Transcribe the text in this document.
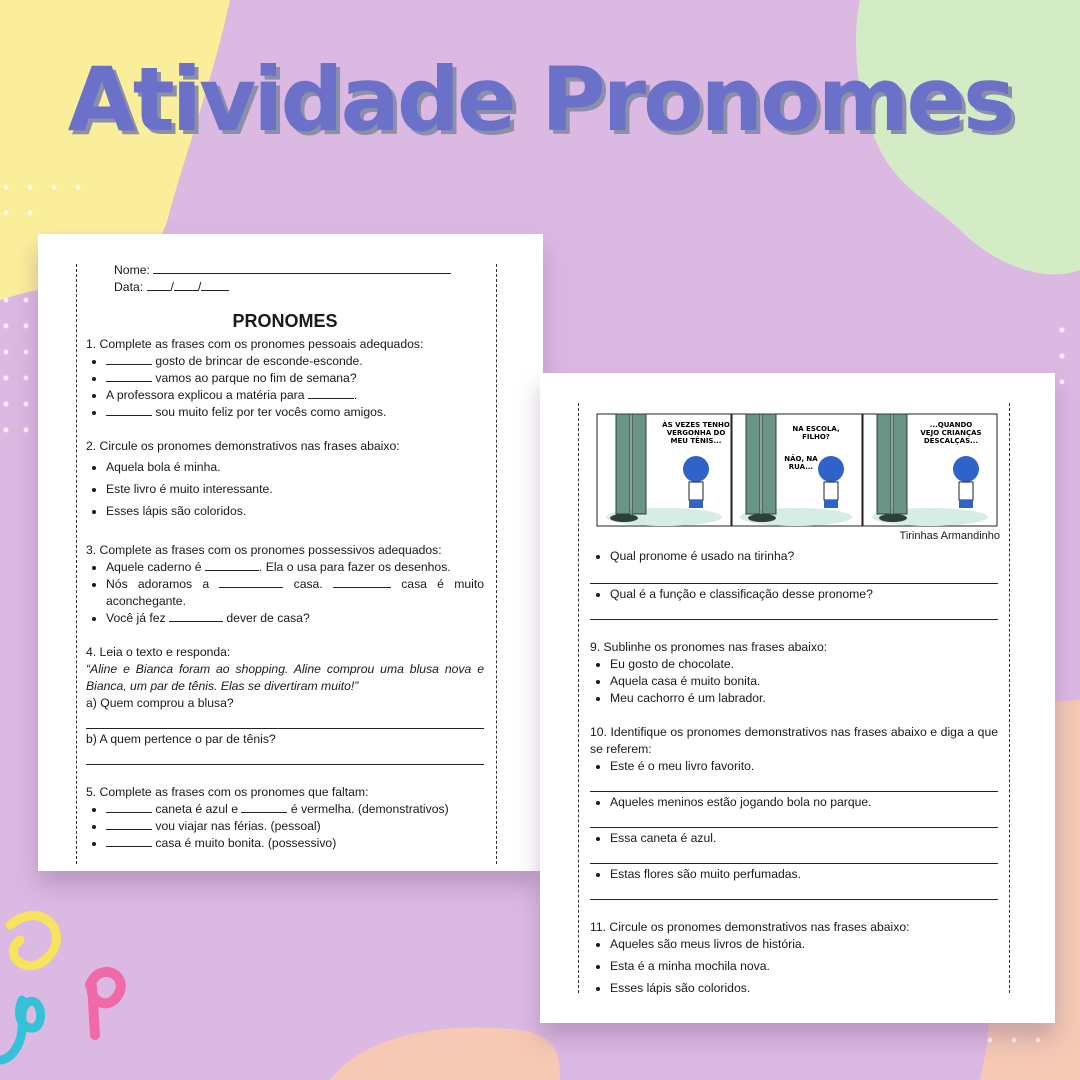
Atividade Pronomes
Nome:
Data: / /
PRONOMES
1. Complete as frases com os pronomes pessoais adequados:
• gosto de brincar de esconde-esconde.
• vamos ao parque no fim de semana?
• A professora explicou a matéria para	.
• sou muito feliz por ter vocês como amigos.
2. Circule os pronomes demonstrativos nas frases abaixo:
• Aquela bola é minha.
• Este livro é muito interessante.
• Esses lápis são coloridos.
3. Complete as frases com os pronomes possessivos adequados:
• Aquele caderno é	. Ela o usa para fazer os desenhos.
• Nós adoramos a	casa.	casa é muito aconchegante.
• Você já fez	dever de casa?
4. Leia o texto e responda:
“Aline e Bianca foram ao shopping. Aline comprou uma blusa nova e Bianca, um par de tênis. Elas se divertiram muito!”
a) Quem comprou a blusa?
b) A quem pertence o par de tênis?
5. Complete as frases com os pronomes que faltam:
• caneta é azul e	é vermelha. (demonstrativos)
• vou viajar nas férias. (pessoal)
• casa é muito bonita. (possessivo)
ÀS VEZES TENHO VERGONHA DO MEU TÊNIS...
NA ESCOLA, FILHO?
NÃO, NA RUA...
...QUANDO VEJO CRIANÇAS DESCALÇAS...
Tirinhas Armandinho
• Qual pronome é usado na tirinha?
• Qual é a função e classificação desse pronome?
9. Sublinhe os pronomes nas frases abaixo:
• Eu gosto de chocolate.
• Aquela casa é muito bonita.
• Meu cachorro é um labrador.
10. Identifique os pronomes demonstrativos nas frases abaixo e diga a que se referem:
• Este é o meu livro favorito.
• Aqueles meninos estão jogando bola no parque.
• Essa caneta é azul.
• Estas flores são muito perfumadas.
11. Circule os pronomes demonstrativos nas frases abaixo:
• Aqueles são meus livros de história.
• Esta é a minha mochila nova.
• Esses lápis são coloridos.
